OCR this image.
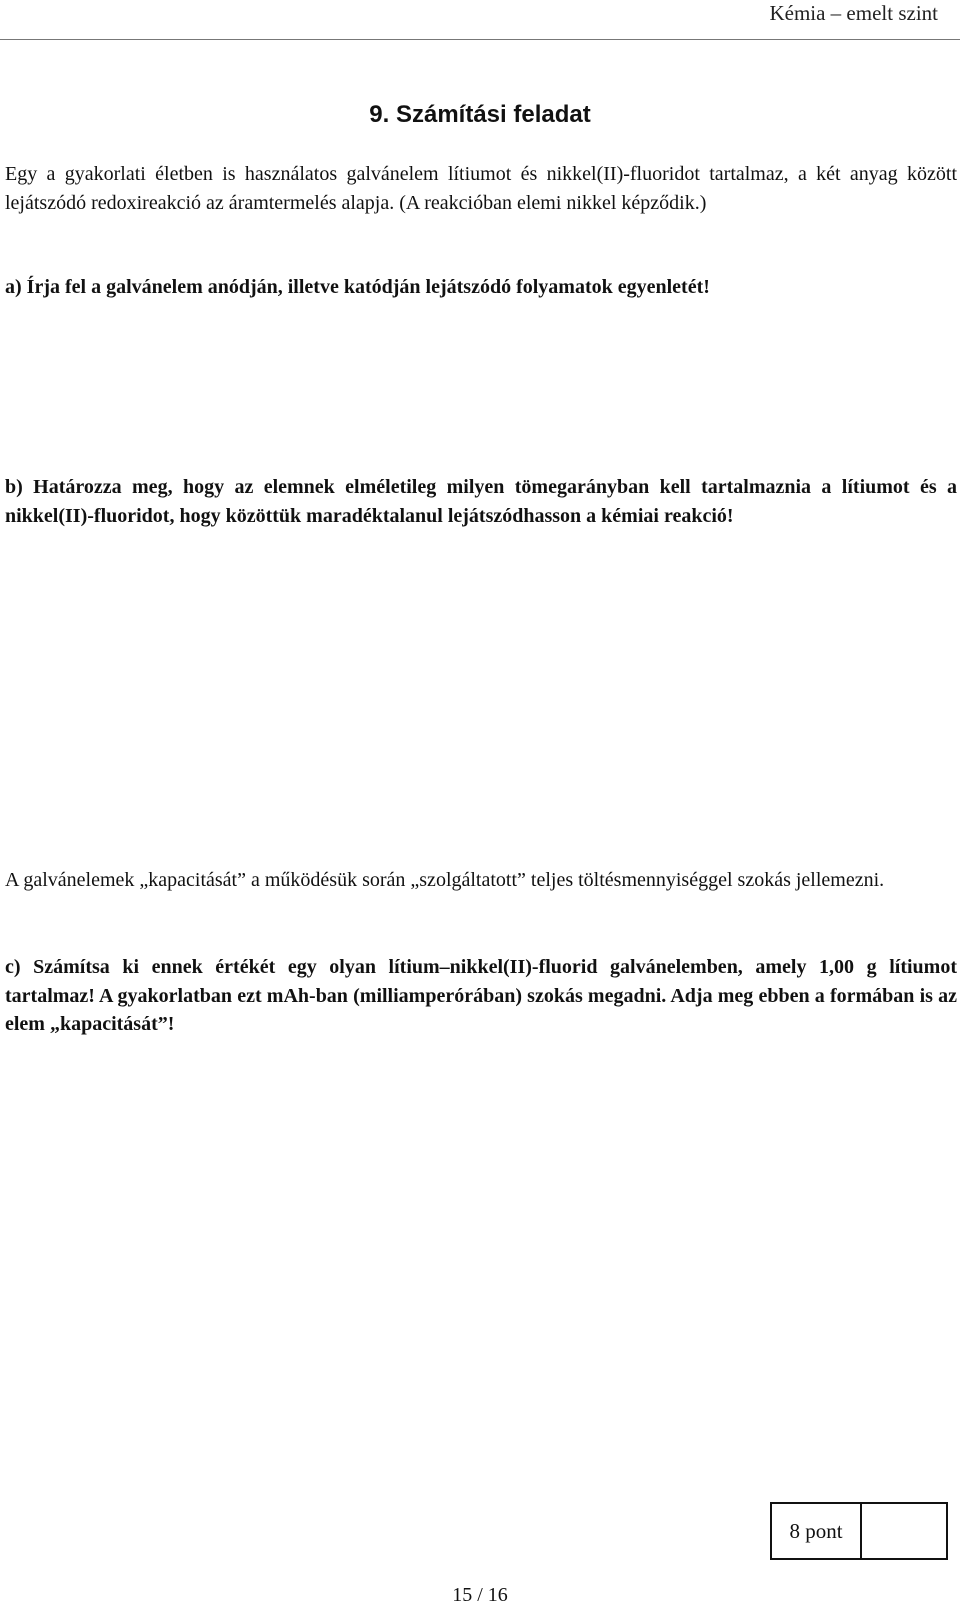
Kémia – emelt szint
9. Számítási feladat
Egy a gyakorlati életben is használatos galvánelem lítiumot és nikkel(II)-fluoridot tartalmaz, a két anyag között lejátszódó redoxireakció az áramtermelés alapja. (A reakcióban elemi nikkel képződik.)
a) Írja fel a galvánelem anódján, illetve katódján lejátszódó folyamatok egyenletét!
b) Határozza meg, hogy az elemnek elméletileg milyen tömegarányban kell tartalmaznia a lítiumot és a nikkel(II)-fluoridot, hogy közöttük maradéktalanul lejátszódhasson a kémiai reakció!
A galvánelemek „kapacitását” a működésük során „szolgáltatott” teljes töltésmennyiséggel szokás jellemezni.
c) Számítsa ki ennek értékét egy olyan lítium–nikkel(II)-fluorid galvánelemben, amely 1,00 g lítiumot tartalmaz! A gyakorlatban ezt mAh-ban (milliamperórában) szokás megadni. Adja meg ebben a formában is az elem „kapacitását”!
8 pont
15 / 16
